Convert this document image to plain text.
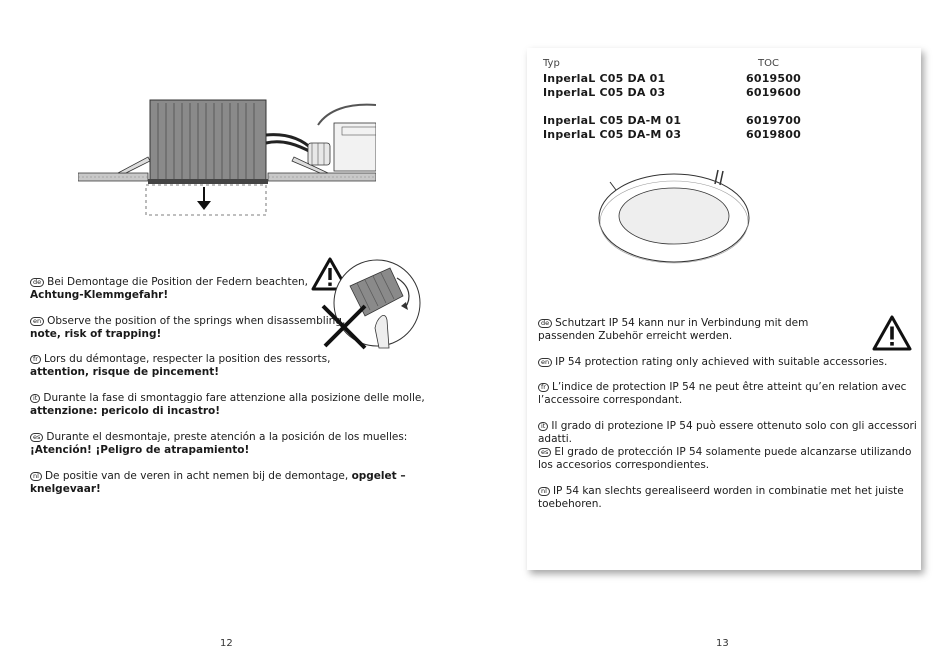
de Bei Demontage die Position der Federn beachten,
Achtung-Klemmgefahr!
en Observe the position of the springs when disassembling,
note, risk of trapping!
fr Lors du démontage, respecter la position des ressorts,
attention, risque de pincement!
it Durante la fase di smontaggio fare attenzione alla posizione delle molle,
attenzione: pericolo di incastro!
es Durante el desmontaje, preste atención a la posición de los muelles:
¡Atención! ¡Peligro de atrapamiento!
nl De positie van de veren in acht nemen bij de demontage, opgelet – knelgevaar!
12
Typ	TOC
InperlaL C05 DA 01	6019500
InperlaL C05 DA 03	6019600
InperlaL C05 DA-M 01	6019700
InperlaL C05 DA-M 03	6019800
de Schutzart IP 54 kann nur in Verbindung mit dem passenden Zubehör erreicht werden.
en IP 54 protection rating only achieved with suitable accessories.
fr L’indice de protection IP 54 ne peut être atteint qu’en relation avec l’accessoire correspondant.
it Il grado di protezione IP 54 può essere ottenuto solo con gli accessori adatti.
es El grado de protección IP 54 solamente puede alcanzarse utilizando los accesorios correspondientes.
nl IP 54 kan slechts gerealiseerd worden in combinatie met het juiste toebehoren.
13
